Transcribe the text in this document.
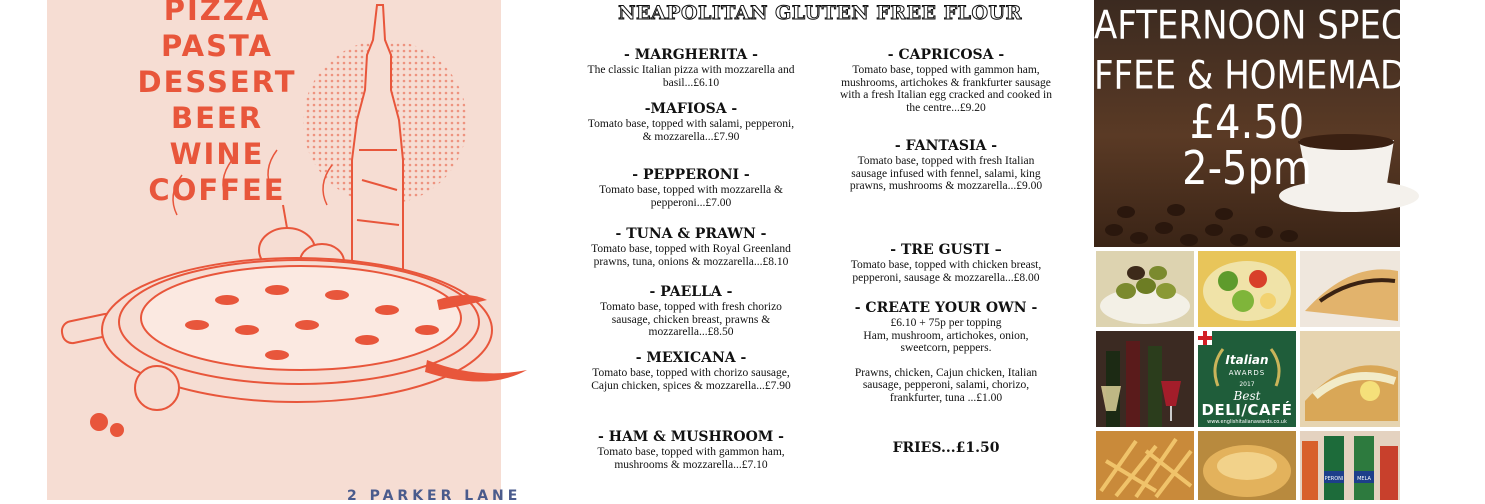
PIZZA
PASTA
DESSERT
BEER
WINE
COFFEE
2 PARKER LANE
NEAPOLITAN GLUTEN FREE FLOUR
- MARGHERITA -

The classic Italian pizza with mozzarella and

basil...£6.10

-MAFIOSA -

Tomato base, topped with salami, pepperoni,

& mozzarella...£7.90

- PEPPERONI -

Tomato base, topped with mozzarella &

pepperoni...£7.00

- TUNA & PRAWN -

Tomato base, topped with Royal Greenland

prawns, tuna, onions & mozzarella...£8.10

- PAELLA -

Tomato base, topped with fresh chorizo

sausage, chicken breast, prawns &

mozzarella...£8.50

- MEXICANA -

Tomato base, topped with chorizo sausage,

Cajun chicken, spices & mozzarella...£7.90

- HAM & MUSHROOM -

Tomato base, topped with gammon ham,

mushrooms & mozzarella...£7.10

- CAPRICOSA -

Tomato base, topped with gammon ham,

mushrooms, artichokes & frankfurter sausage

with a fresh Italian egg cracked and cooked in

the centre...£9.20

- FANTASIA -

Tomato base, topped with fresh Italian

sausage infused with fennel, salami, king

prawns, mushrooms & mozzarella...£9.00

- TRE GUSTI –

Tomato base, topped with chicken breast,

pepperoni, sausage & mozzarella...£8.00

- CREATE YOUR OWN -

£6.10 + 75p per topping

Ham, mushroom, artichokes, onion,

sweetcorn, peppers.

Prawns, chicken, Cajun chicken, Italian

sausage, pepperoni, salami, chorizo,

frankfurter, tuna ...£1.00

FRIES...£1.50
AFTERNOON SPECIAL
FFEE & HOMEMADE CA
£4.50
2-5pm
Italian
AWARDS
2017
Best
DELI/CAFÉ
www.englishitalianawards.co.uk
PERONI	MELA
